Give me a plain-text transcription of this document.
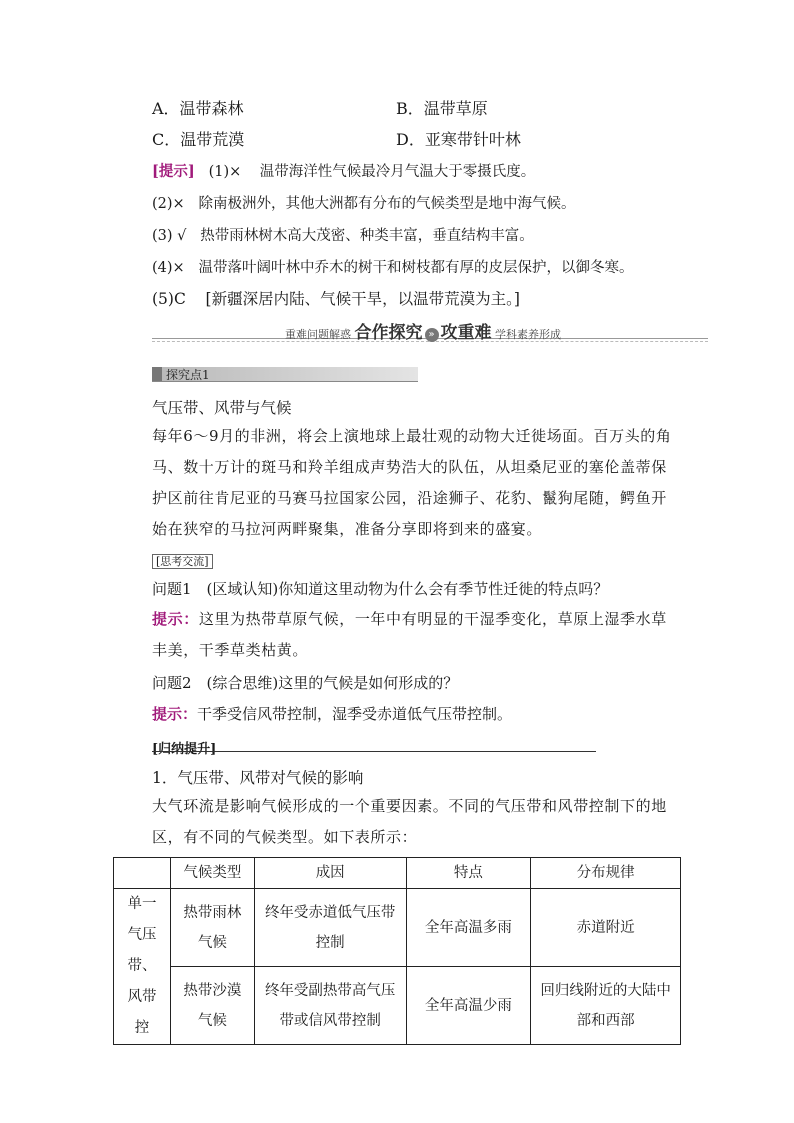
A．温带森林	B．温带草原
C．温带荒漠	D．亚寒带针叶林
[提示] (1)× 温带海洋性气候最冷月气温大于零摄氏度。
(2)× 除南极洲外，其他大洲都有分布的气候类型是地中海气候。
(3) √ 热带雨林树木高大茂密、种类丰富，垂直结构丰富。
(4)× 温带落叶阔叶林中乔木的树干和树枝都有厚的皮层保护，以御冬寒。
(5)C [新疆深居内陆、气候干旱，以温带荒漠为主。]
重难问题解惑 合作探究 » 攻重难 学科素养形成
探究点1
气压带、风带与气候
每年6～9月的非洲，将会上演地球上最壮观的动物大迁徙场面。百万头的角马、数十万计的斑马和羚羊组成声势浩大的队伍，从坦桑尼亚的塞伦盖蒂保护区前往肯尼亚的马赛马拉国家公园，沿途狮子、花豹、鬣狗尾随，鳄鱼开始在狭窄的马拉河两畔聚集，准备分享即将到来的盛宴。
[思考交流]
问题1　(区域认知)你知道这里动物为什么会有季节性迁徙的特点吗？
提示：这里为热带草原气候，一年中有明显的干湿季变化，草原上湿季水草丰美，干季草类枯黄。
问题2　(综合思维)这里的气候是如何形成的？
提示：干季受信风带控制，湿季受赤道低气压带控制。
[归纳提升]
1．气压带、风带对气候的影响
大气环流是影响气候形成的一个重要因素。不同的气压带和风带控制下的地区，有不同的气候类型。如下表所示：
	气候类型	成因	特点	分布规律
单一气压带、风带控	热带雨林气候	终年受赤道低气压带控制	全年高温多雨	赤道附近
	热带沙漠气候	终年受副热带高气压带或信风带控制	全年高温少雨	回归线附近的大陆中部和西部
